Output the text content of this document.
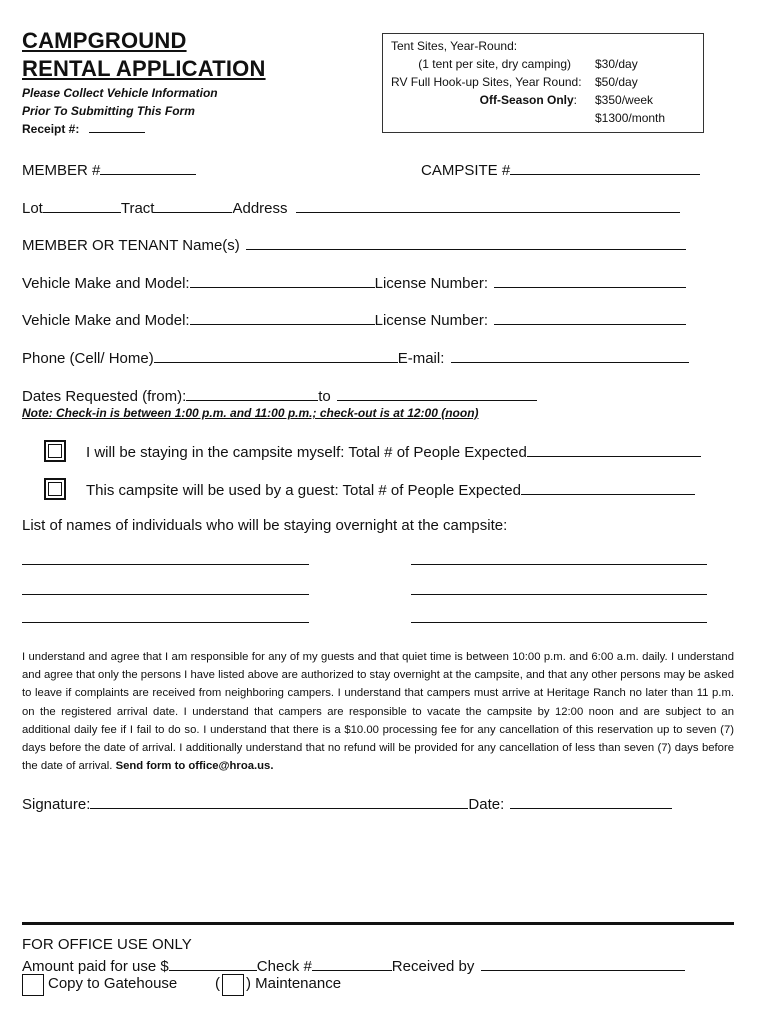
CAMPGROUND
RENTAL APPLICATION
Please Collect Vehicle Information
Prior To Submitting This Form
Receipt #:
Tent Sites, Year-Round:
(1 tent per site, dry camping) $30/day
RV Full Hook-up Sites, Year Round: $50/day
Off-Season Only: $350/week
$1300/month
MEMBER #	CAMPSITE #
Lot	Tract	Address
MEMBER OR TENANT Name(s)
Vehicle Make and Model:	License Number:
Vehicle Make and Model:	License Number:
Phone (Cell/ Home)	E-mail:
Dates Requested (from):	to
Note: Check-in is between 1:00 p.m. and 11:00 p.m.; check-out is at 12:00 (noon)
I will be staying in the campsite myself: Total # of People Expected
This campsite will be used by a guest: Total # of People Expected
List of names of individuals who will be staying overnight at the campsite:
I understand and agree that I am responsible for any of my guests and that quiet time is between 10:00 p.m. and 6:00 a.m. daily. I understand and agree that only the persons I have listed above are authorized to stay overnight at the campsite, and that any other persons may be asked to leave if complaints are received from neighboring campers. I understand that campers must arrive at Heritage Ranch no later than 11 p.m. on the registered arrival date. I understand that campers are responsible to vacate the campsite by 12:00 noon and are subject to an additional daily fee if I fail to do so. I understand that there is a $10.00 processing fee for any cancellation of this reservation up to seven (7) days before the date of arrival. I additionally understand that no refund will be provided for any cancellation of less than seven (7) days before the date of arrival. Send form to office@hroa.us.
Signature:	Date:
FOR OFFICE USE ONLY
Amount paid for use $	Check #	Received by
Copy to Gatehouse	( ) Maintenance
